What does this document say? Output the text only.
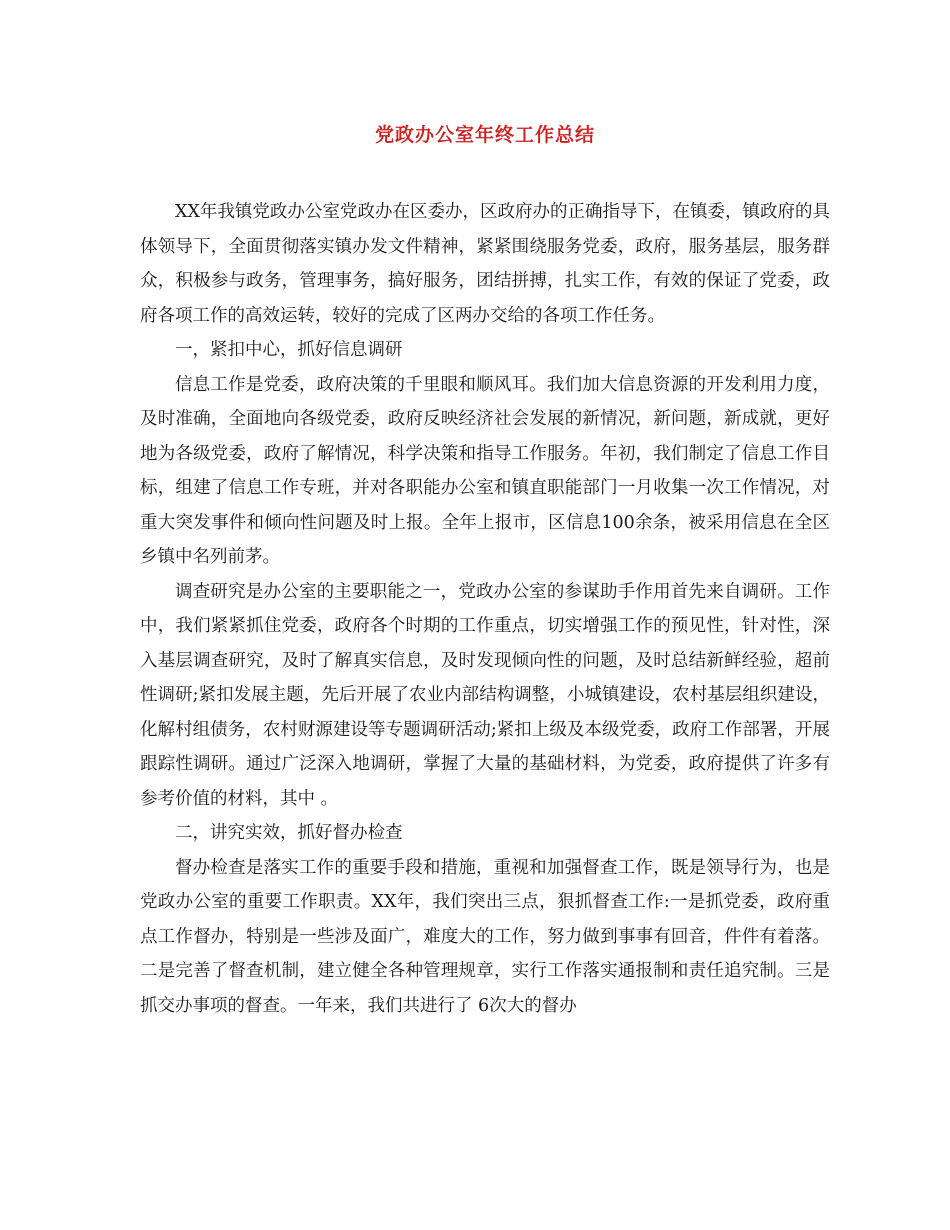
党政办公室年终工作总结

XX年我镇党政办公室党政办在区委办，区政府办的正确指导下，在镇委，镇政府的具体领导下，全面贯彻落实镇办发文件精神，紧紧围绕服务党委，政府，服务基层，服务群众，积极参与政务，管理事务，搞好服务，团结拼搏，扎实工作，有效的保证了党委，政府各项工作的高效运转，较好的完成了区两办交给的各项工作任务。

一，紧扣中心，抓好信息调研

信息工作是党委，政府决策的千里眼和顺风耳。我们加大信息资源的开发利用力度，及时准确，全面地向各级党委，政府反映经济社会发展的新情况，新问题，新成就，更好地为各级党委，政府了解情况，科学决策和指导工作服务。年初，我们制定了信息工作目标，组建了信息工作专班，并对各职能办公室和镇直职能部门一月收集一次工作情况，对重大突发事件和倾向性问题及时上报。全年上报市，区信息100余条，被采用信息在全区乡镇中名列前茅。

调查研究是办公室的主要职能之一，党政办公室的参谋助手作用首先来自调研。工作中，我们紧紧抓住党委，政府各个时期的工作重点，切实增强工作的预见性，针对性，深入基层调查研究，及时了解真实信息，及时发现倾向性的问题，及时总结新鲜经验，超前性调研;紧扣发展主题，先后开展了农业内部结构调整，小城镇建设，农村基层组织建设，化解村组债务，农村财源建设等专题调研活动;紧扣上级及本级党委，政府工作部署，开展跟踪性调研。通过广泛深入地调研，掌握了大量的基础材料，为党委，政府提供了许多有参考价值的材料，其中 。

二，讲究实效，抓好督办检查

督办检查是落实工作的重要手段和措施，重视和加强督查工作，既是领导行为，也是党政办公室的重要工作职责。XX年，我们突出三点，狠抓督查工作:一是抓党委，政府重点工作督办，特别是一些涉及面广，难度大的工作，努力做到事事有回音，件件有着落。二是完善了督查机制，建立健全各种管理规章，实行工作落实通报制和责任追究制。三是抓交办事项的督查。一年来，我们共进行了 6次大的督办
